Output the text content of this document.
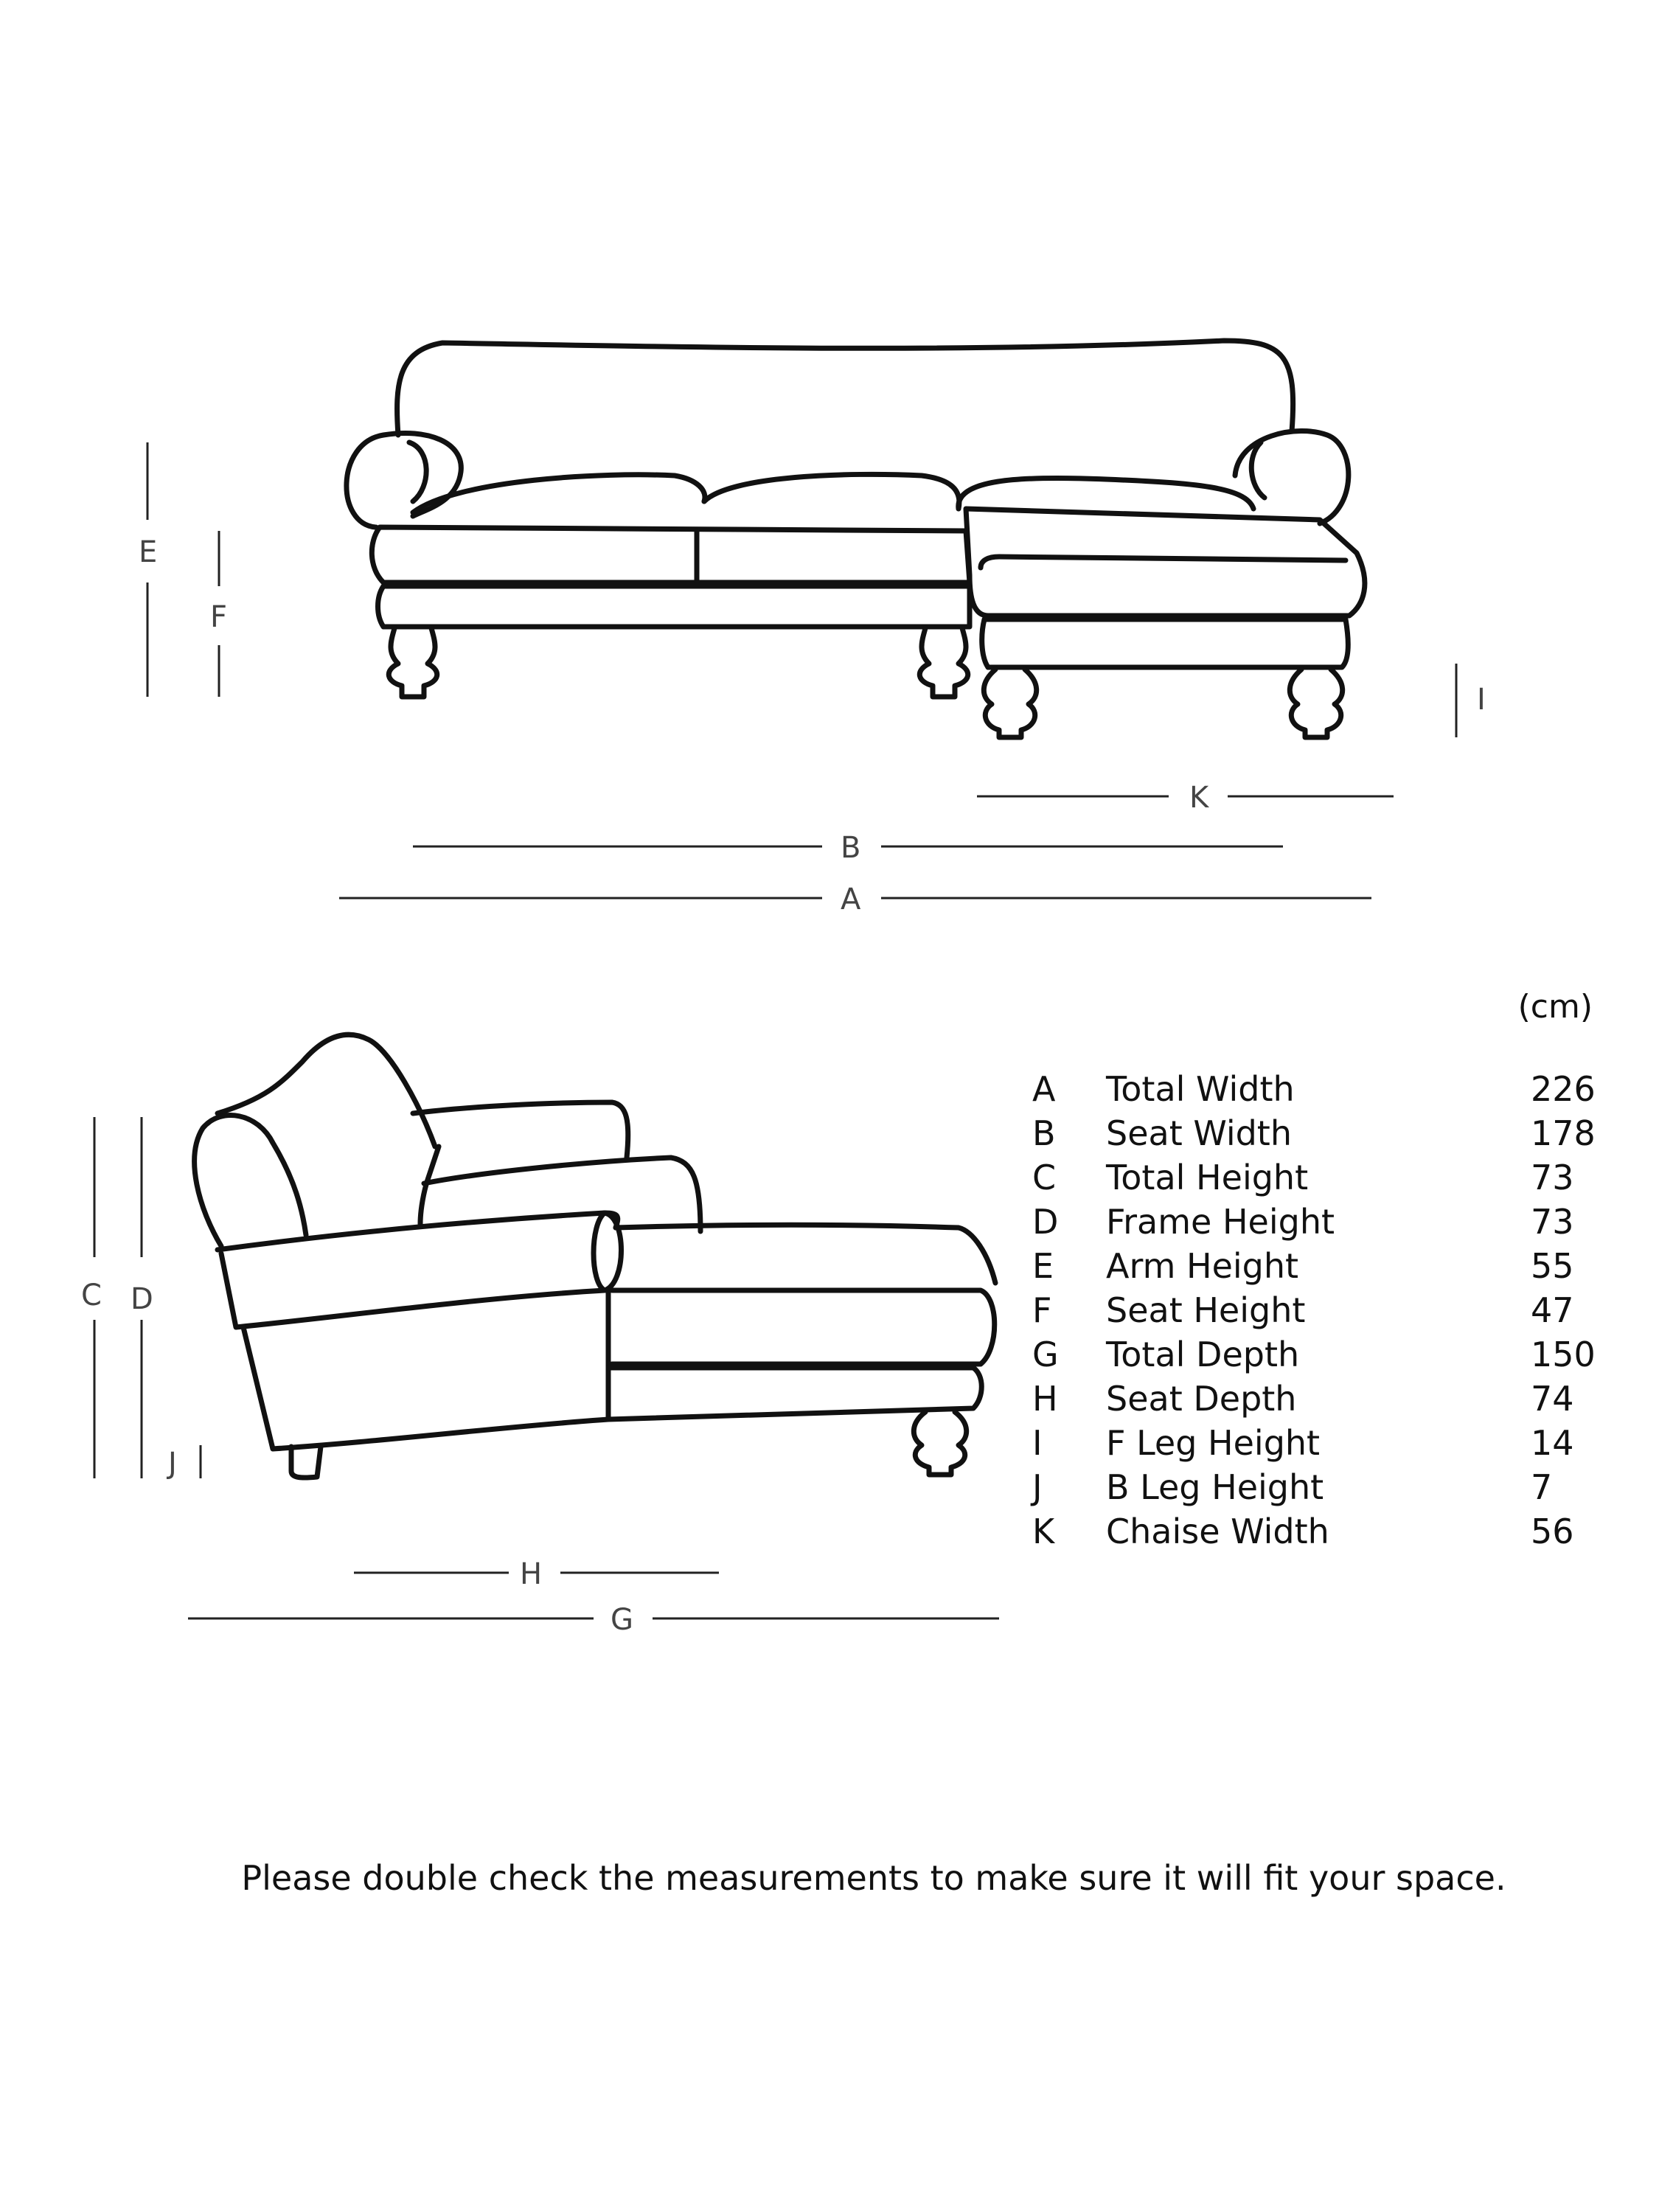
E
F
I
K
B
A
C D
J
H
G
(cm)
A Total Width	226
B Seat Width	178
C Total Height	73
D Frame Height	73
E Arm Height	55
F Seat Height	47
G Total Depth	150
H Seat Depth	74
I F Leg Height	14
J B Leg Height	7
K Chaise Width	56
Please double check the measurements to make sure it will fit your space.
